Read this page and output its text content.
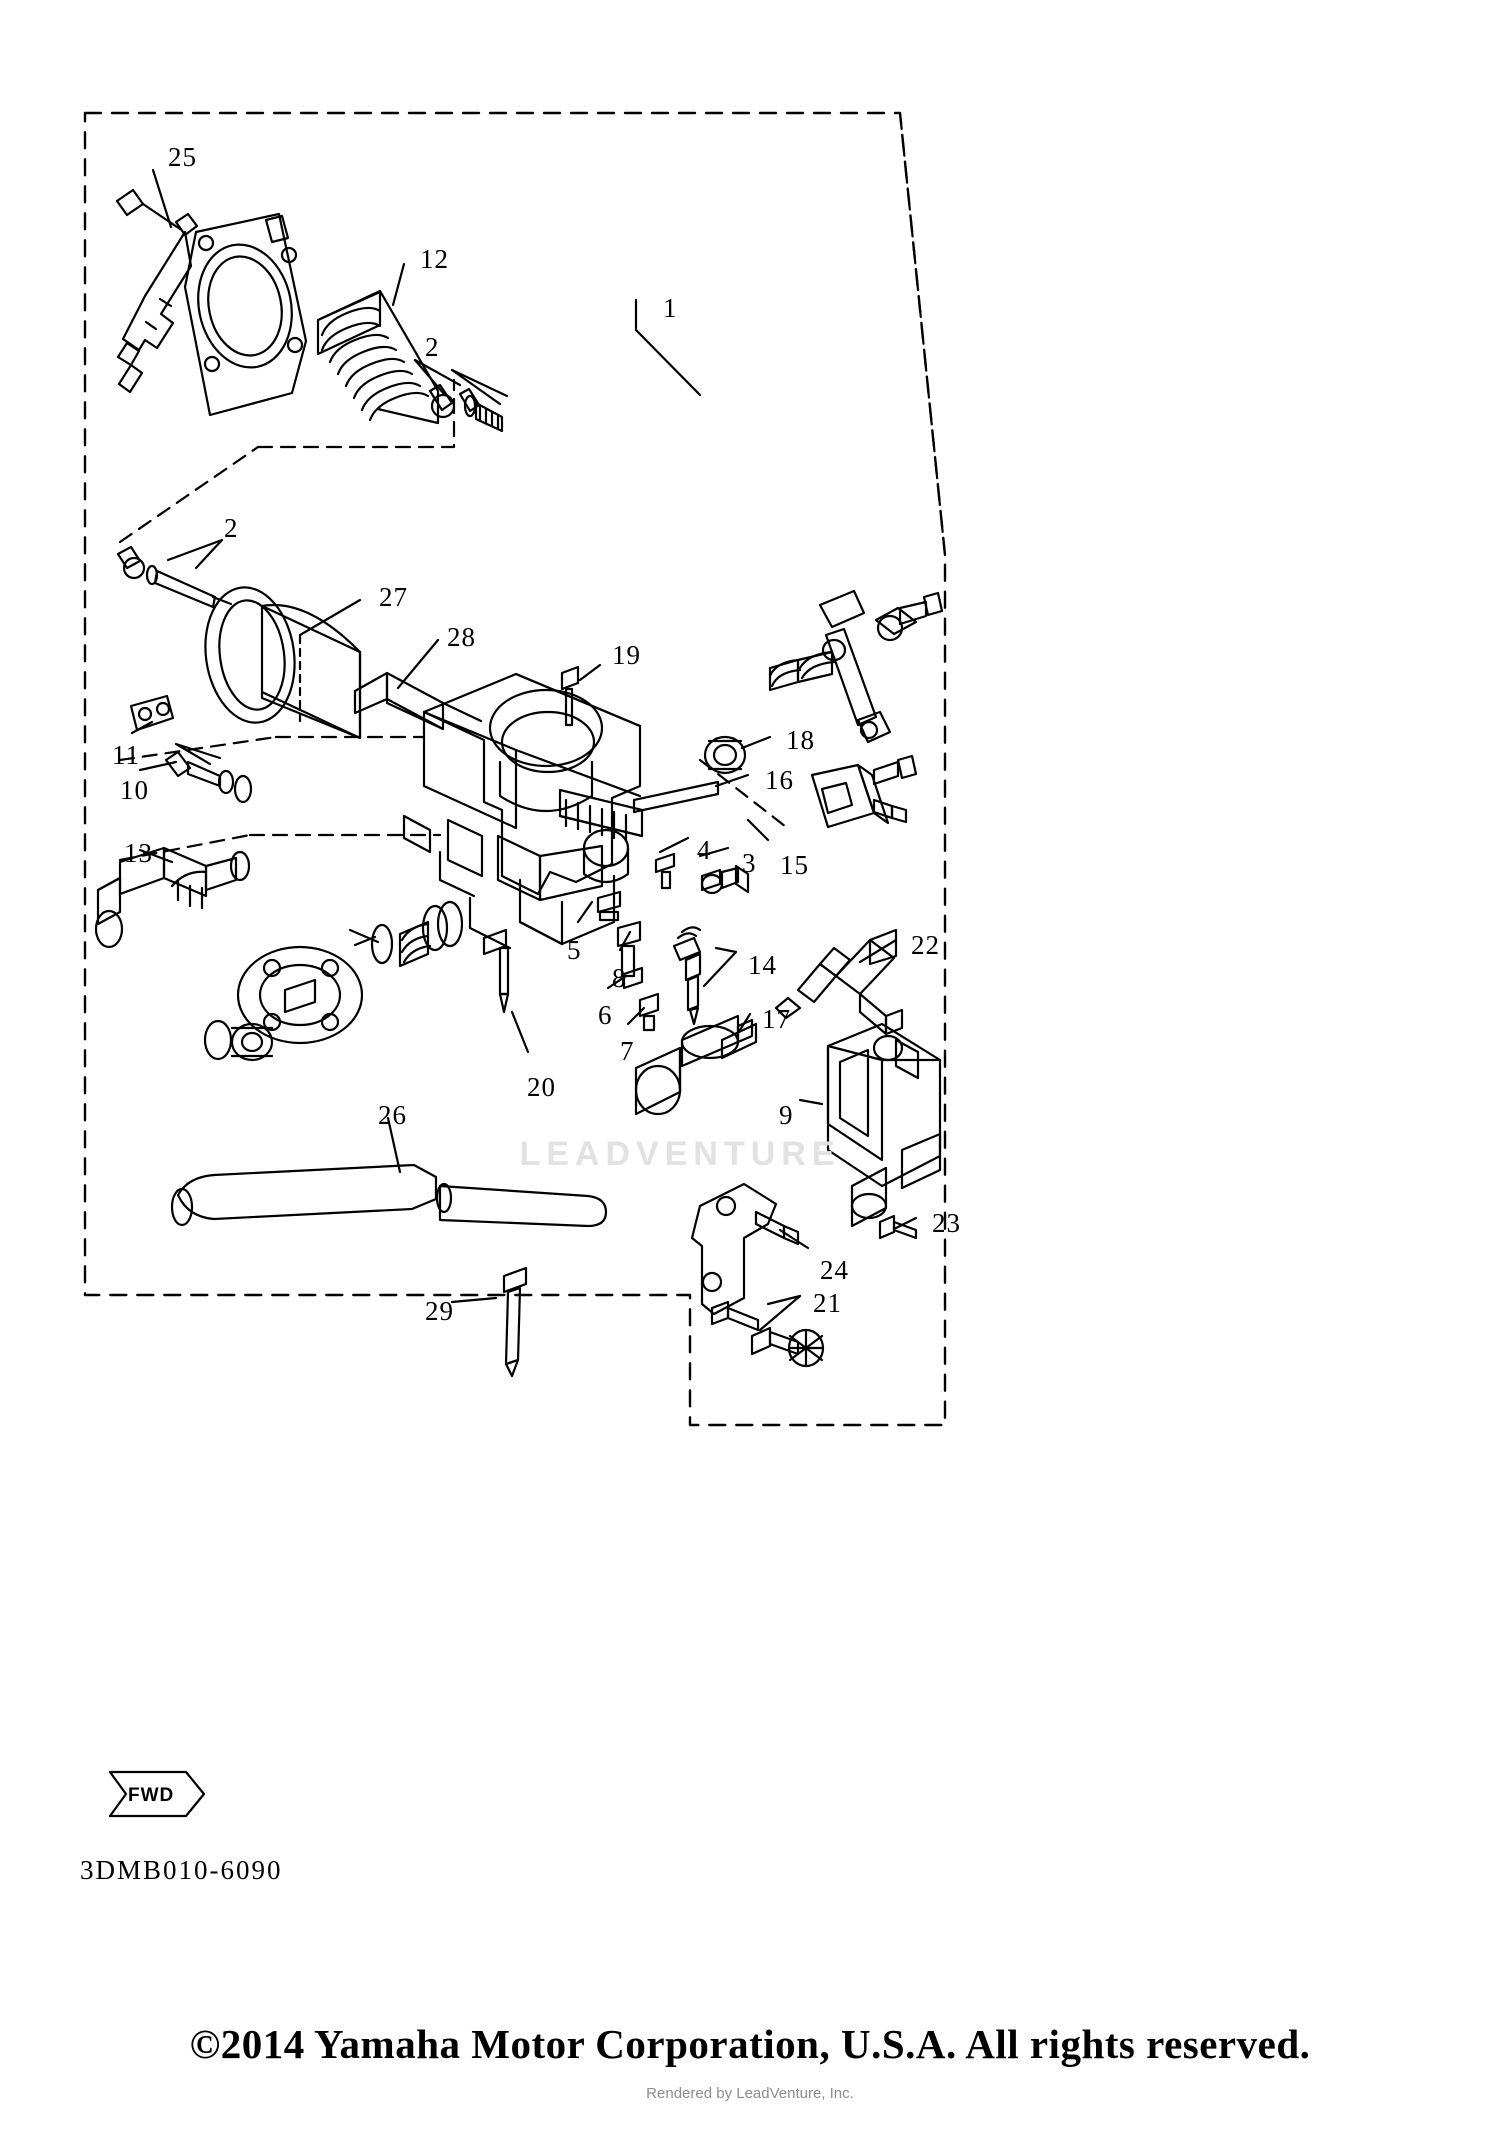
LEADVENTURE
25
12
1
2
2
27
28
19
18
16
11
10
15
3
4
13
5
8
6
7
14
22
17
20
9
26
23
24
29	21
FWD
3DMB010-6090
©2014 Yamaha Motor Corporation, U.S.A. All rights reserved.
Rendered by LeadVenture, Inc.
